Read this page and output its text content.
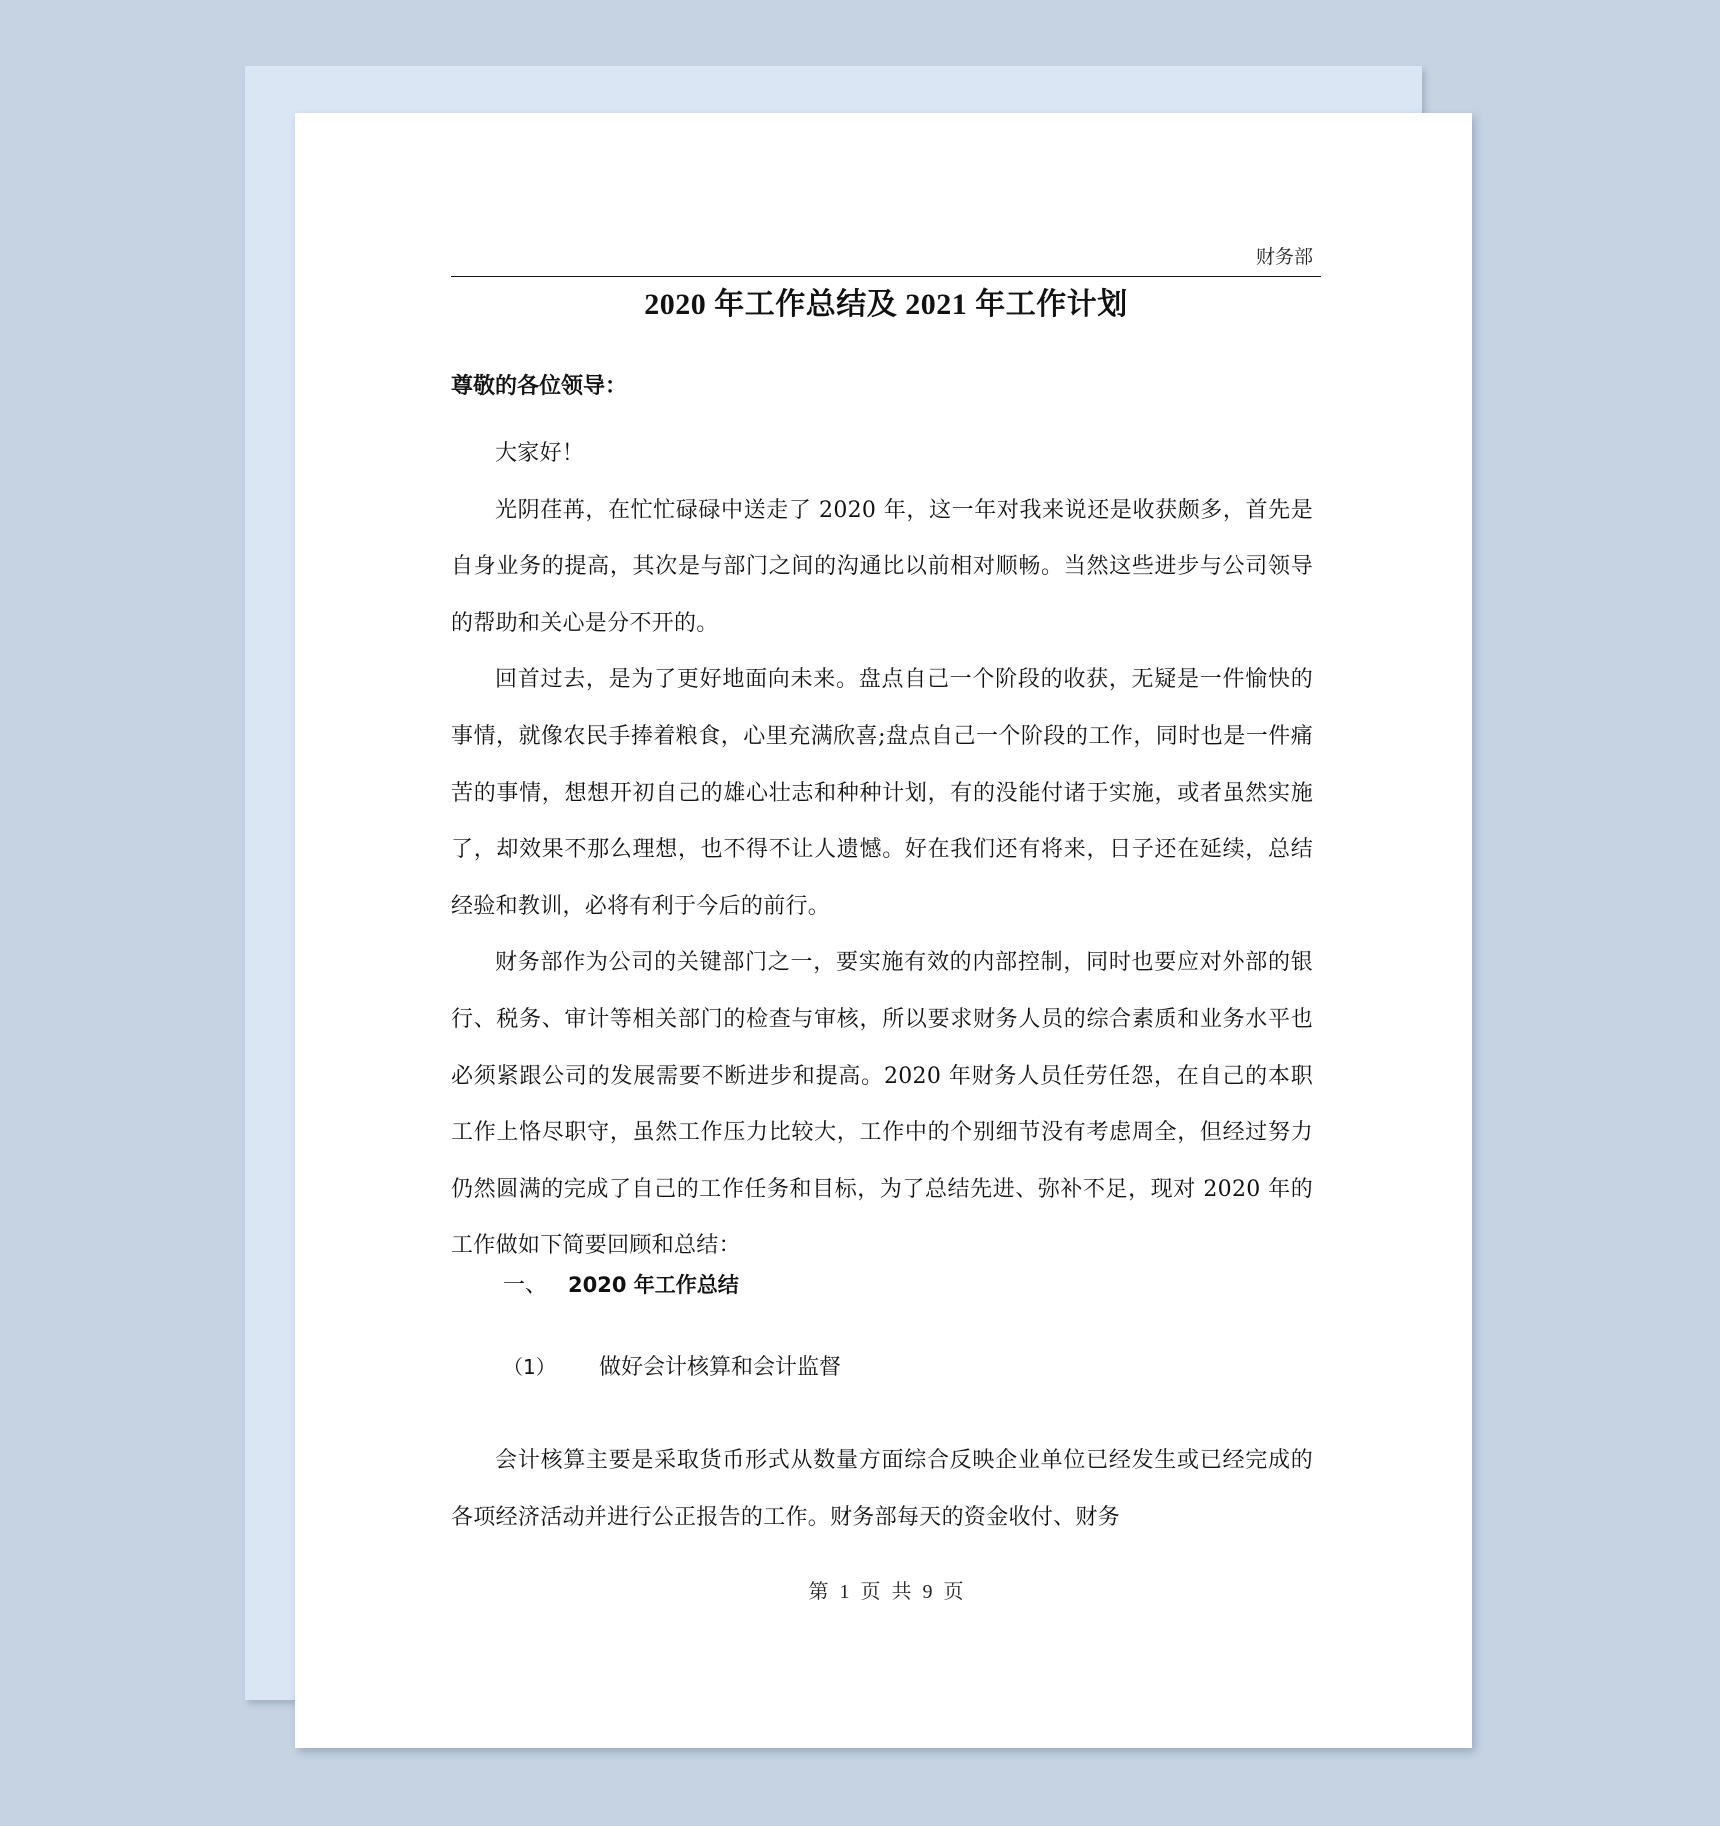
财务部
2020 年工作总结及 2021 年工作计划
尊敬的各位领导：

大家好！

光阴荏苒，在忙忙碌碌中送走了 2020 年，这一年对我来说还是收获颇多，首先是自身业务的提高，其次是与部门之间的沟通比以前相对顺畅。当然这些进步与公司领导的帮助和关心是分不开的。

回首过去，是为了更好地面向未来。盘点自己一个阶段的收获，无疑是一件愉快的事情，就像农民手捧着粮食，心里充满欣喜;盘点自己一个阶段的工作，同时也是一件痛苦的事情，想想开初自己的雄心壮志和种种计划，有的没能付诸于实施，或者虽然实施了，却效果不那么理想，也不得不让人遗憾。好在我们还有将来，日子还在延续，总结经验和教训，必将有利于今后的前行。

财务部作为公司的关键部门之一，要实施有效的内部控制，同时也要应对外部的银行、税务、审计等相关部门的检查与审核，所以要求财务人员的综合素质和业务水平也必须紧跟公司的发展需要不断进步和提高。2020 年财务人员任劳任怨，在自己的本职工作上恪尽职守，虽然工作压力比较大，工作中的个别细节没有考虑周全，但经过努力仍然圆满的完成了自己的工作任务和目标，为了总结先进、弥补不足，现对 2020 年的工作做如下简要回顾和总结：

一、 2020 年工作总结
（1） 做好会计核算和会计监督

会计核算主要是采取货币形式从数量方面综合反映企业单位已经发生或已经完成的各项经济活动并进行公正报告的工作。财务部每天的资金收付、财务

第 1 页 共 9 页
